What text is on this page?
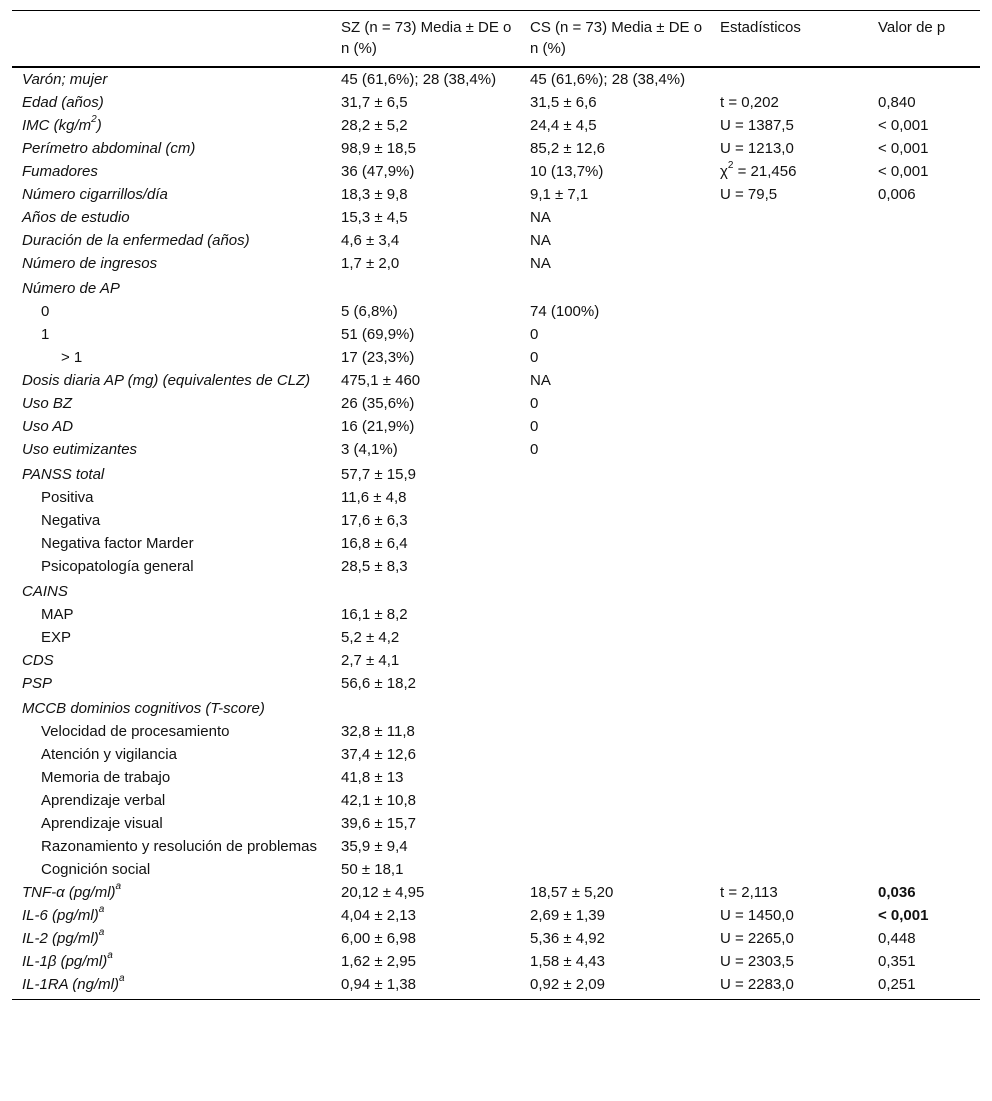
	SZ (n = 73) Media ± DE o n (%)	CS (n = 73) Media ± DE o n (%)	Estadísticos	Valor de p
Varón; mujer	45 (61,6%); 28 (38,4%)	45 (61,6%); 28 (38,4%)		
Edad (años)	31,7 ± 6,5	31,5 ± 6,6	t = 0,202	0,840
IMC $(kg/m^2)$	28,2 ± 5,2	24,4 ± 4,5	U = 1387,5	< 0,001
Perímetro abdominal (cm)	98,9 ± 18,5	85,2 ± 12,6	U = 1213,0	< 0,001
Fumadores	36 (47,9%)	10 (13,7%)	$\chi^2 = 21,456$	< 0,001
Número cigarrillos/día	18,3 ± 9,8	9,1 ± 7,1	U = 79,5	0,006
Años de estudio	15,3 ± 4,5	NA		
Duración de la enfermedad (años)	4,6 ± 3,4	NA		
Número de ingresos	1,7 ± 2,0	NA		
Número de AP				
0	5 (6,8%)	74 (100%)		
1	51 (69,9%)	0		
> 1	17 (23,3%)	0		
Dosis diaria AP (mg) (equivalentes de CLZ)	475,1 ± 460	NA		
Uso BZ	26 (35,6%)	0		
Uso AD	16 (21,9%)	0		
Uso eutimizantes	3 (4,1%)	0		
PANSS total	57,7 ± 15,9			
Positiva	11,6 ± 4,8			
Negativa	17,6 ± 6,3			
Negativa factor Marder	16,8 ± 6,4			
Psicopatología general	28,5 ± 8,3			
CAINS				
MAP	16,1 ± 8,2			
EXP	5,2 ± 4,2			
CDS	2,7 ± 4,1			
PSP	56,6 ± 18,2			
MCCB dominios cognitivos (T-score)				
Velocidad de procesamiento	32,8 ± 11,8			
Atención y vigilancia	37,4 ± 12,6			
Memoria de trabajo	41,8 ± 13			
Aprendizaje verbal	42,1 ± 10,8			
Aprendizaje visual	39,6 ± 15,7			
Razonamiento y resolución de problemas	35,9 ± 9,4			
Cognición social	50 ± 18,1			
TNF-α $(pg/ml)^a$	20,12 ± 4,95	18,57 ± 5,20	t = 2,113	0,036
IL-6 $(pg/ml)^a$	4,04 ± 2,13	2,69 ± 1,39	U = 1450,0	< 0,001
IL-2 $(pg/ml)^a$	6,00 ± 6,98	5,36 ± 4,92	U = 2265,0	0,448
IL-1β $(pg/ml)^a$	1,62 ± 2,95	1,58 ± 4,43	U = 2303,5	0,351
IL-1RA $(ng/ml)^a$	0,94 ± 1,38	0,92 ± 2,09	U = 2283,0	0,251
